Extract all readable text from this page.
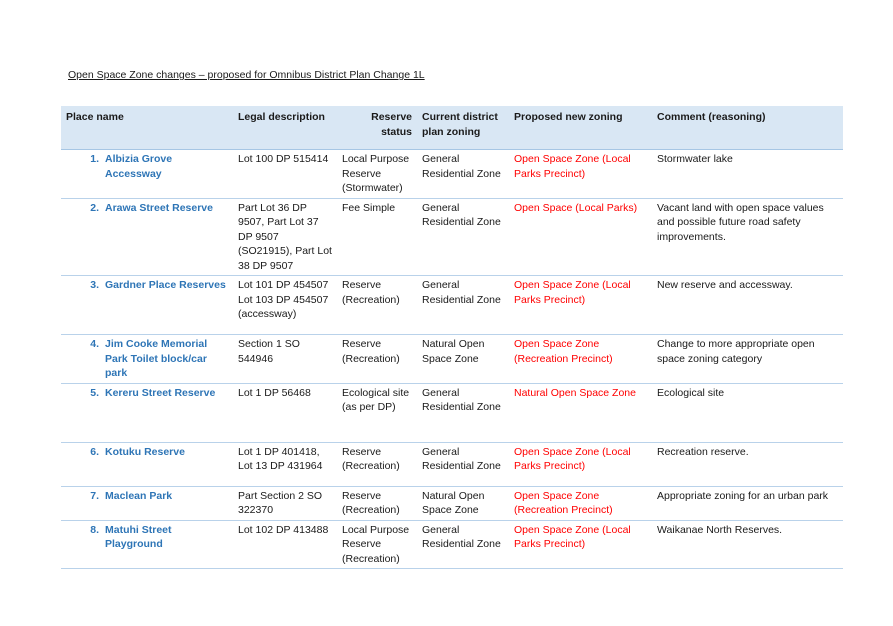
Open Space Zone changes – proposed for Omnibus District Plan Change 1L
Place name	Legal description	Reserve status	Current district plan zoning	Proposed new zoning	Comment (reasoning)

1. Albizia Grove Accessway	Lot 100 DP 515414	Local Purpose Reserve (Stormwater)	General Residential Zone	Open Space Zone (Local Parks Precinct)	Stormwater lake

2. Arawa Street Reserve	Part Lot 36 DP 9507, Part Lot 37 DP 9507 (SO21915), Part Lot 38 DP 9507	Fee Simple	General Residential Zone	Open Space (Local Parks)	Vacant land with open space values and possible future road safety improvements.

3. Gardner Place Reserves	Lot 101 DP 454507 Lot 103 DP 454507 (accessway)	Reserve (Recreation)	General Residential Zone	Open Space Zone (Local Parks Precinct)	New reserve and accessway.

4. Jim Cooke Memorial Park Toilet block/car park	Section 1 SO 544946	Reserve (Recreation)	Natural Open Space Zone	Open Space Zone (Recreation Precinct)	Change to more appropriate open space zoning category

5. Kereru Street Reserve	Lot 1 DP 56468	Ecological site (as per DP)	General Residential Zone	Natural Open Space Zone	Ecological site

6. Kotuku Reserve	Lot 1 DP 401418, Lot 13 DP 431964	Reserve (Recreation)	General Residential Zone	Open Space Zone (Local Parks Precinct)	Recreation reserve.

7. Maclean Park	Part Section 2 SO 322370	Reserve (Recreation)	Natural Open Space Zone	Open Space Zone (Recreation Precinct)	Appropriate zoning for an urban park

8. Matuhi Street Playground	Lot 102 DP 413488	Local Purpose Reserve (Recreation)	General Residential Zone	Open Space Zone (Local Parks Precinct)	Waikanae North Reserves.
